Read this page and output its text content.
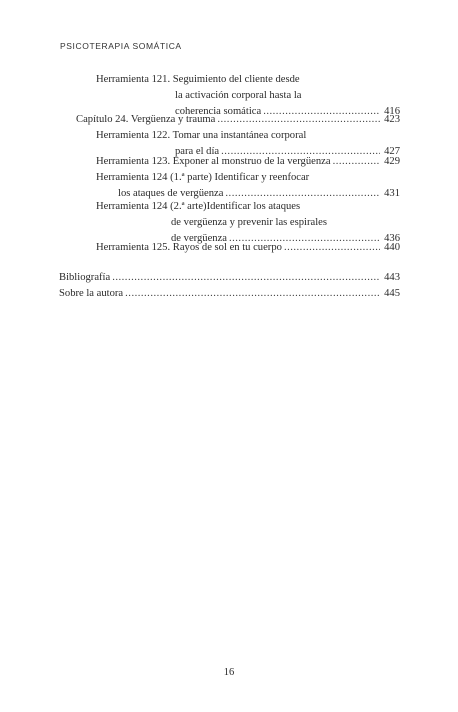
PSICOTERAPIA SOMÁTICA
Herramienta 121. Seguimiento del cliente desde
la activación corporal hasta la
coherencia somática .....	416
Capítulo 24. Vergüenza y trauma .....	423
Herramienta 122. Tomar una instantánea corporal
para el día .....	427
Herramienta 123. Exponer al monstruo de la vergüenza .....	429
Herramienta 124 (1.ª parte) Identificar y reenfocar
los ataques de vergüenza .....	431
Herramienta 124 (2.ª arte)Identificar los ataques
de vergüenza y prevenir las espirales
de vergüenza .....	436
Herramienta 125. Rayos de sol en tu cuerpo .....	440
Bibliografía .....	443
Sobre la autora .....	445
16
